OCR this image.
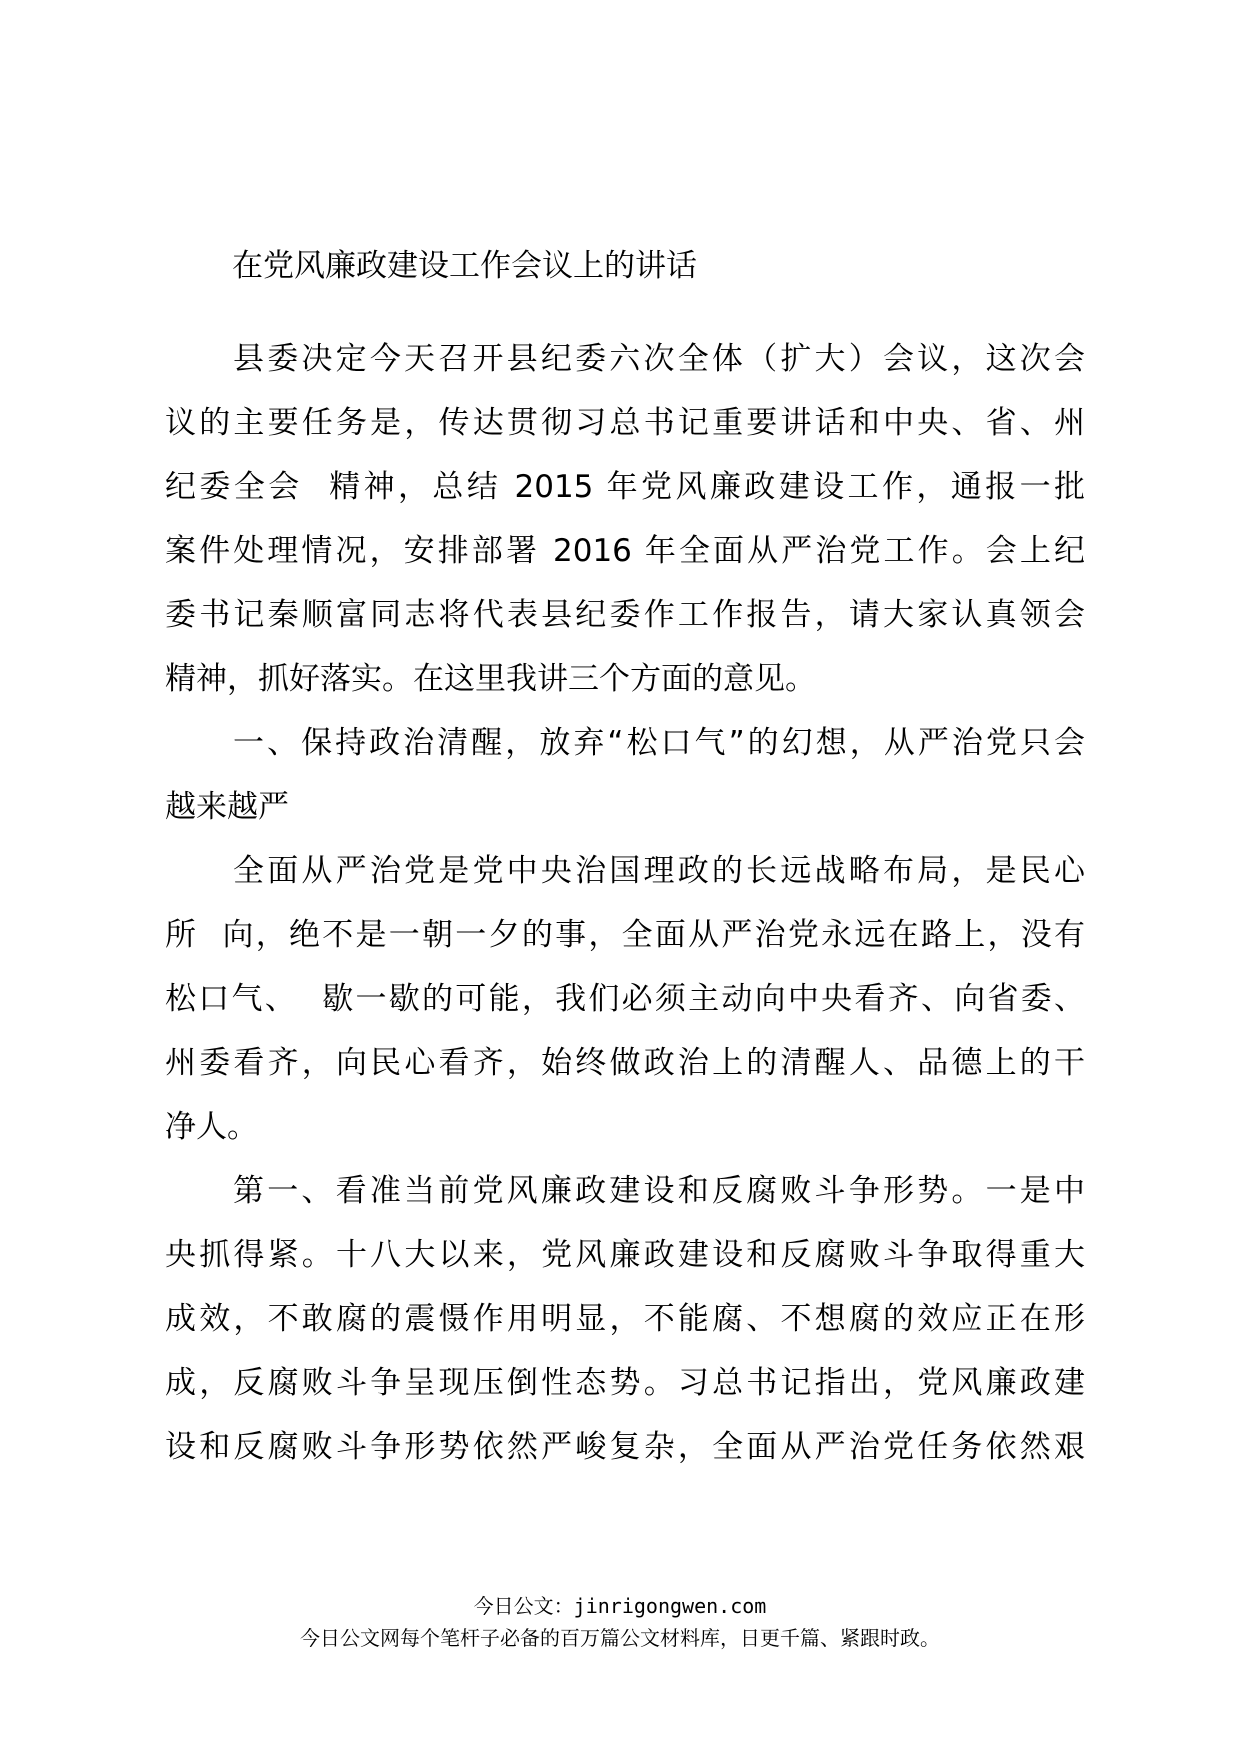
在党风廉政建设工作会议上的讲话
县委决定今天召开县纪委六次全体（扩大）会议，这次会
议的主要任务是，传达贯彻习总书记重要讲话和中央、省、州
纪委全会  精神，总结 2015 年党风廉政建设工作，通报一批
案件处理情况，安排部署 2016 年全面从严治党工作。会上纪
委书记秦顺富同志将代表县纪委作工作报告，请大家认真领会
精神，抓好落实。在这里我讲三个方面的意见。
一、保持政治清醒，放弃“松口气”的幻想，从严治党只会
越来越严
全面从严治党是党中央治国理政的长远战略布局，是民心
所  向，绝不是一朝一夕的事，全面从严治党永远在路上，没有
松口气、  歇一歇的可能，我们必须主动向中央看齐、向省委、
州委看齐，向民心看齐，始终做政治上的清醒人、品德上的干
净人。
第一、看准当前党风廉政建设和反腐败斗争形势。一是中
央抓得紧。十八大以来，党风廉政建设和反腐败斗争取得重大
成效，不敢腐的震慑作用明显，不能腐、不想腐的效应正在形
成，反腐败斗争呈现压倒性态势。习总书记指出，党风廉政建
设和反腐败斗争形势依然严峻复杂，全面从严治党任务依然艰
今日公文：jinrigongwen.com
今日公文网每个笔杆子必备的百万篇公文材料库，日更千篇、紧跟时政。
